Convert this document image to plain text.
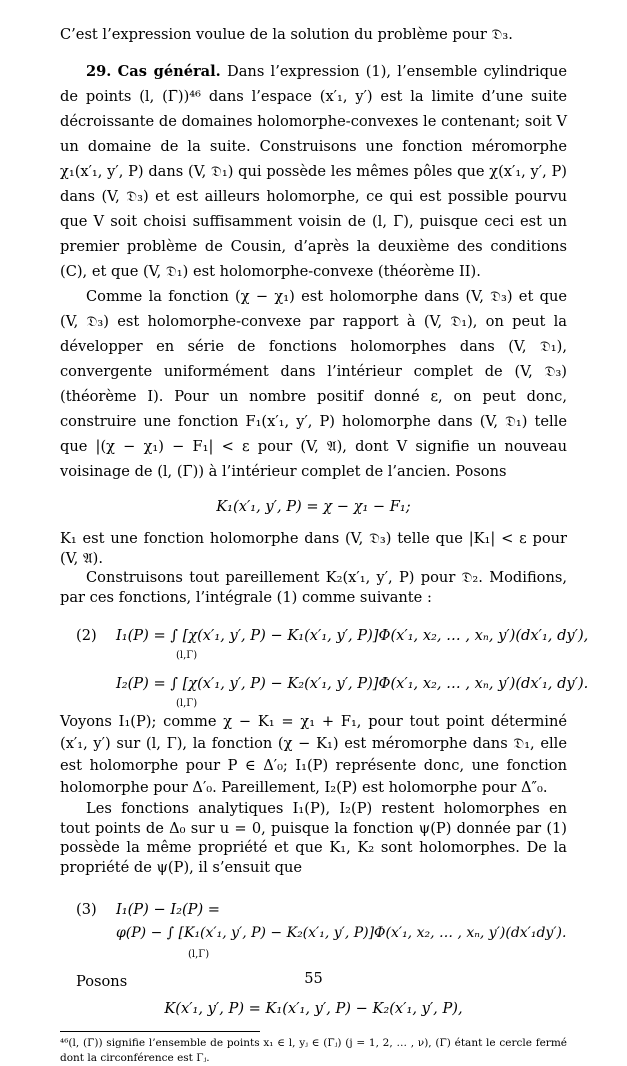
C’est l’expression voulue de la solution du problème pour 𝔇₃.

29. Cas général. Dans l’expression (1), l’ensemble cylindrique de points (l, (Γ̄))⁴⁶ dans l’espace (x′₁, y′) est la limite d’une suite décroissante de domaines holomorphe-convexes le contenant; soit V un domaine de la suite. Construisons une fonction méromorphe χ₁(x′₁, y′, P) dans (V, 𝔇₁) qui possède les mêmes pôles que χ(x′₁, y′, P) dans (V, 𝔇₃) et est ailleurs holomorphe, ce qui est possible pourvu que V soit choisi suffisamment voisin de (l, Γ̄), puisque ceci est un premier problème de Cousin, d’après la deuxième des conditions (C), et que (V, 𝔇₁) est holomorphe-convexe (théorème II).

Comme la fonction (χ − χ₁) est holomorphe dans (V, 𝔇₃) et que (V, 𝔇₃) est holomorphe-convexe par rapport à (V, 𝔇₁), on peut la développer en série de fonctions holomorphes dans (V, 𝔇₁), convergente uniformément dans l’intérieur complet de (V, 𝔇₃) (théorème I). Pour un nombre positif donné ε, on peut donc, construire une fonction F₁(x′₁, y′, P) holomorphe dans (V, 𝔇₁) telle que |(χ − χ₁) − F₁| < ε pour (V, 𝔄), dont V signifie un nouveau voisinage de (l, (Γ̄)) à l’intérieur complet de l’ancien. Posons

K₁(x′₁, y′, P) = χ − χ₁ − F₁;

K₁ est une fonction holomorphe dans (V, 𝔇₃) telle que |K₁| < ε pour (V, 𝔄).

Construisons tout pareillement K₂(x′₁, y′, P) pour 𝔇₂. Modifions, par ces fonctions, l’intégrale (1) comme suivante :

(2) I₁(P) = ∫ [χ(x′₁, y′, P) − K₁(x′₁, y′, P)]Φ(x′₁, x₂, … , xₙ, y′)(dx′₁, dy′),
(l,Γ)
I₂(P) = ∫ [χ(x′₁, y′, P) − K₂(x′₁, y′, P)]Φ(x′₁, x₂, … , xₙ, y′)(dx′₁, dy′).
(l,Γ)

Voyons I₁(P); comme χ − K₁ = χ₁ + F₁, pour tout point déterminé (x′₁, y′) sur (l, Γ), la fonction (χ − K₁) est méromorphe dans 𝔇₁, elle est holomorphe pour P ∈ Δ′₀; I₁(P) représente donc, une fonction holomorphe pour Δ′₀. Pareillement, I₂(P) est holomorphe pour Δ″₀.

Les fonctions analytiques I₁(P), I₂(P) restent holomorphes en tout points de Δ₀ sur u = 0, puisque la fonction ψ(P) donnée par (1) possède la même propriété et que K₁, K₂ sont holomorphes. De la propriété de ψ(P), il s’ensuit que

(3) I₁(P) − I₂(P) =
φ(P) − ∫ [K₁(x′₁, y′, P) − K₂(x′₁, y′, P)]Φ(x′₁, x₂, … , xₙ, y′)(dx′₁dy′).
(l,Γ)

Posons

K(x′₁, y′, P) = K₁(x′₁, y′, P) − K₂(x′₁, y′, P),

⁴⁶(l, (Γ̄)) signifie l’ensemble de points x₁ ∈ l, yⱼ ∈ (Γ̄ⱼ) (j = 1, 2, … , ν), (Γ̄) étant le cercle fermé dont la circonférence est Γⱼ.

55
